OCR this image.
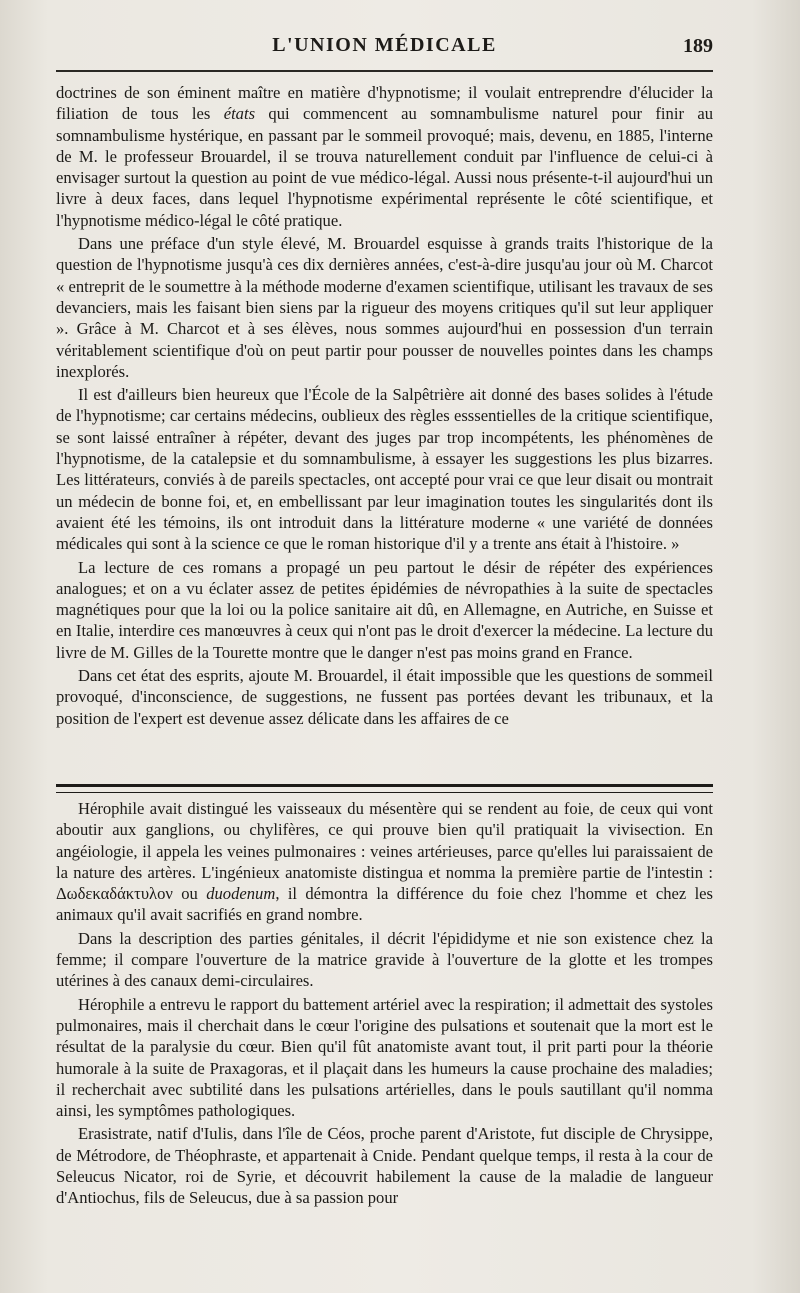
L'UNION MÉDICALE	189

doctrines de son éminent maître en matière d'hypnotisme; il voulait entreprendre d'élucider la filiation de tous les états qui commencent au somnambulisme naturel pour finir au somnambulisme hystérique, en passant par le sommeil provoqué; mais, devenu, en 1885, l'interne de M. le professeur Brouardel, il se trouva naturellement conduit par l'influence de celui-ci à envisager surtout la question au point de vue médico-légal. Aussi nous présente-t-il aujourd'hui un livre à deux faces, dans lequel l'hypnotisme expérimental représente le côté scientifique, et l'hypnotisme médico-légal le côté pratique.

Dans une préface d'un style élevé, M. Brouardel esquisse à grands traits l'historique de la question de l'hypnotisme jusqu'à ces dix dernières années, c'est-à-dire jusqu'au jour où M. Charcot « entreprit de le soumettre à la méthode moderne d'examen scientifique, utilisant les travaux de ses devanciers, mais les faisant bien siens par la rigueur des moyens critiques qu'il sut leur appliquer ». Grâce à M. Charcot et à ses élèves, nous sommes aujourd'hui en possession d'un terrain véritablement scientifique d'où on peut partir pour pousser de nouvelles pointes dans les champs inexplorés.

Il est d'ailleurs bien heureux que l'École de la Salpêtrière ait donné des bases solides à l'étude de l'hypnotisme; car certains médecins, oublieux des règles esssentielles de la critique scientifique, se sont laissé entraîner à répéter, devant des juges par trop incompétents, les phénomènes de l'hypnotisme, de la catalepsie et du somnambulisme, à essayer les suggestions les plus bizarres. Les littérateurs, conviés à de pareils spectacles, ont accepté pour vrai ce que leur disait ou montrait un médecin de bonne foi, et, en embellissant par leur imagination toutes les singularités dont ils avaient été les témoins, ils ont introduit dans la littérature moderne « une variété de données médicales qui sont à la science ce que le roman historique d'il y a trente ans était à l'histoire. »

La lecture de ces romans a propagé un peu partout le désir de répéter des expériences analogues; et on a vu éclater assez de petites épidémies de névropathies à la suite de spectacles magnétiques pour que la loi ou la police sanitaire ait dû, en Allemagne, en Autriche, en Suisse et en Italie, interdire ces manœuvres à ceux qui n'ont pas le droit d'exercer la médecine. La lecture du livre de M. Gilles de la Tourette montre que le danger n'est pas moins grand en France.

Dans cet état des esprits, ajoute M. Brouardel, il était impossible que les questions de sommeil provoqué, d'inconscience, de suggestions, ne fussent pas portées devant les tribunaux, et la position de l'expert est devenue assez délicate dans les affaires de ce

Hérophile avait distingué les vaisseaux du mésentère qui se rendent au foie, de ceux qui vont aboutir aux ganglions, ou chylifères, ce qui prouve bien qu'il pratiquait la vivisection. En angéiologie, il appela les veines pulmonaires : veines artérieuses, parce qu'elles lui paraissaient de la nature des artères. L'ingénieux anatomiste distingua et nomma la première partie de l'intestin : Δωδεκαδάκτυλον ou duodenum, il démontra la différence du foie chez l'homme et chez les animaux qu'il avait sacrifiés en grand nombre.

Dans la description des parties génitales, il décrit l'épididyme et nie son existence chez la femme; il compare l'ouverture de la matrice gravide à l'ouverture de la glotte et les trompes utérines à des canaux demi-circulaires.

Hérophile a entrevu le rapport du battement artériel avec la respiration; il admettait des systoles pulmonaires, mais il cherchait dans le cœur l'origine des pulsations et soutenait que la mort est le résultat de la paralysie du cœur. Bien qu'il fût anatomiste avant tout, il prit parti pour la théorie humorale à la suite de Praxagoras, et il plaçait dans les humeurs la cause prochaine des maladies; il recherchait avec subtilité dans les pulsations artérielles, dans le pouls sautillant qu'il nomma ainsi, les symptômes pathologiques.

Erasistrate, natif d'Iulis, dans l'île de Céos, proche parent d'Aristote, fut disciple de Chrysippe, de Métrodore, de Théophraste, et appartenait à Cnide. Pendant quelque temps, il resta à la cour de Seleucus Nicator, roi de Syrie, et découvrit habilement la cause de la maladie de langueur d'Antiochus, fils de Seleucus, due à sa passion pour
